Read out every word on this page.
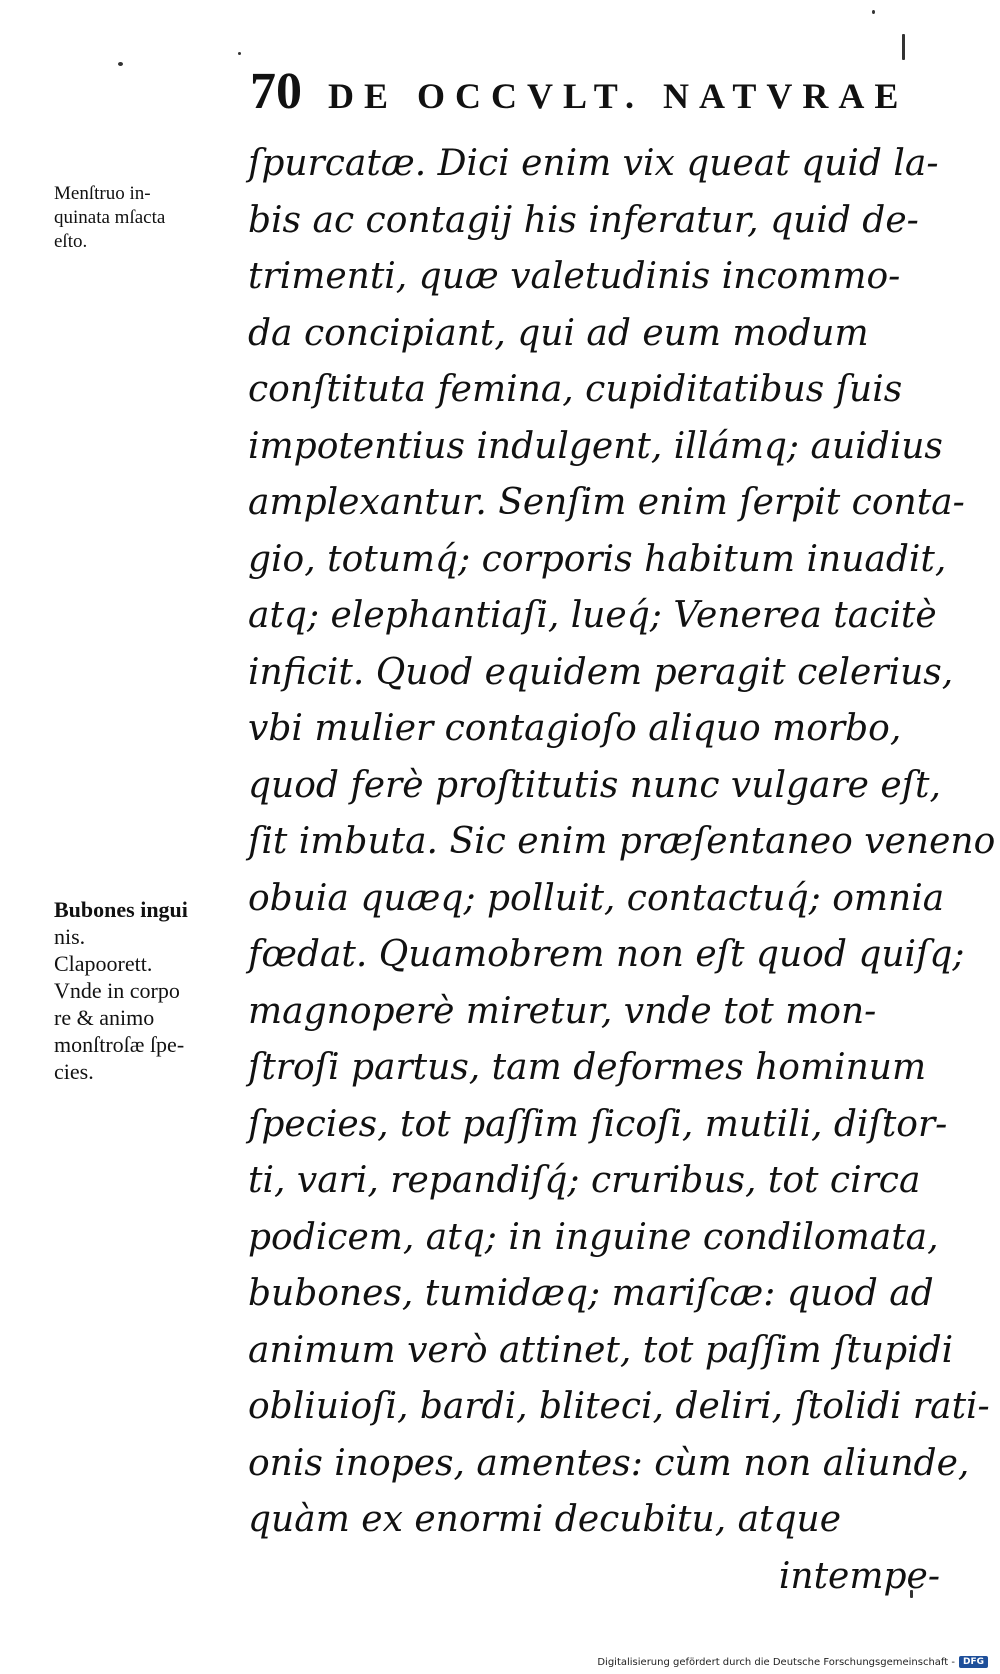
70 DE OCCVLT. NATVRAE
Menſtruo in-
quinata mſacta
eſto.
Bubones ingui
nis.
Clapoorett.
Vnde in corpo
re & animo
monſtroſæ ſpe-
cies.
ſpurcatæ. Dici enim vix queat quid la-
bis ac contagij his inferatur, quid de-
trimenti, quæ valetudinis incommo-
da concipiant, qui ad eum modum
conſtituta femina, cupiditatibus ſuis
impotentius indulgent, illámq; auidius
amplexantur. Senſim enim ſerpit conta-
gio, totumq́; corporis habitum inuadit,
atq; elephantiaſi, lueq́; Venerea tacitè
inficit. Quod equidem peragit celerius,
vbi mulier contagioſo aliquo morbo,
quod ferè proſtitutis nunc vulgare eſt,
ſit imbuta. Sic enim præſentaneo veneno
obuia quæq; polluit, contactuq́; omnia
fœdat. Quamobrem non eſt quod quiſq;
magnoperè miretur, vnde tot mon-
ſtroſi partus, tam deformes hominum
ſpecies, tot paſſim ſicoſi, mutili, diſtor-
ti, vari, repandiſq́; cruribus, tot circa
podicem, atq; in inguine condilomata,
bubones, tumidæq; mariſcæ: quod ad
animum verò attinet, tot paſſim ſtupidi
obliuioſi, bardi, bliteci, deliri, ſtolidi rati-
onis inopes, amentes: cùm non aliunde,
quàm ex enormi decubitu, atque
intempe-
Digitalisierung gefördert durch die Deutsche Forschungsgemeinschaft - DFG
